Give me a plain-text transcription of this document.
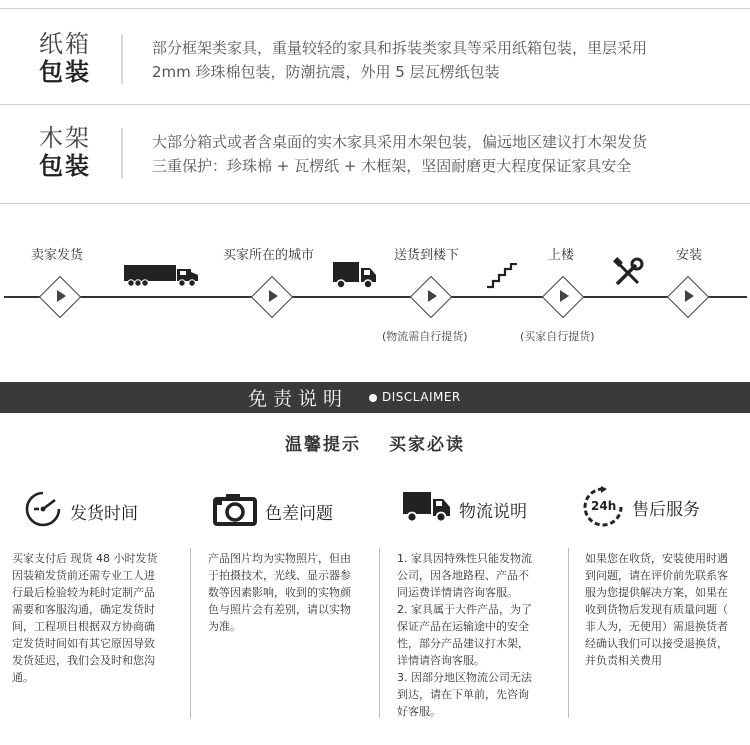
纸箱
包装

部分框架类家具，重量较轻的家具和拆装类家具等采用纸箱包装，里层采用

2mm 珍珠棉包装，防潮抗震，外用 5 层瓦楞纸包装

木架
包装

大部分箱式或者含桌面的实木家具采用木架包装，偏远地区建议打木架发货

三重保护：珍珠棉 + 瓦楞纸 + 木框架，坚固耐磨更大程度保证家具安全

卖家发货	买家所在的城市	送货到楼下	上楼	安装
(物流需自行提货)	(买家自行提货)
免责说明	DISCLAIMER
温馨提示 买家必读
发货时间

买家支付后 现货 48 小时发货

因装箱发货前还需专业工人进

行最后检验较为耗时定制产品

需要和客服沟通，确定发货时

间，工程项目根据双方协商确

定发货时间如有其它原因导致

发货延迟，我们会及时和您沟

通。

色差问题

产品图片均为实物照片，但由

于拍摄技术，光线、显示器参

数等因素影响，收到的实物颜

色与照片会有差别，请以实物

为准。

物流说明

1. 家具因特殊性只能发物流

公司，因各地路程、产品不

同运费详情请咨询客服。

2. 家具属于大件产品，为了

保证产品在运输途中的安全

性，部分产品建议打木架，

详情请咨询客服。

3. 因部分地区物流公司无法

到达，请在下单前，先咨询

好客服。

24h 售后服务

如果您在收货，安装使用时遇

到问题，请在评价前先联系客

服为您提供解决方案，如果在

收到货物后发现有质量问题（

非人为，无使用）需退换货者

经确认我们可以接受退换货，

并负责相关费用
